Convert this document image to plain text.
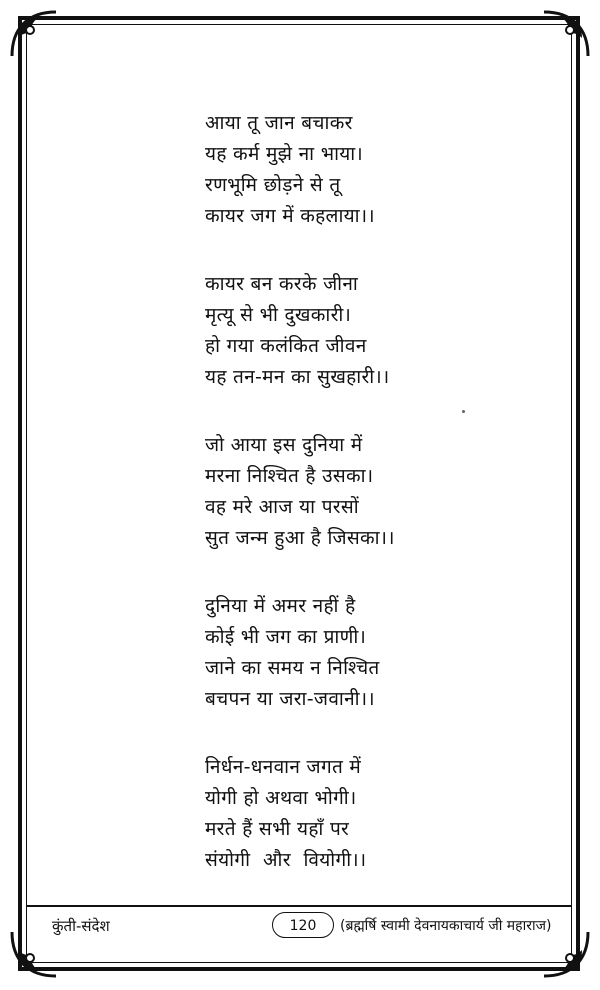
आया तू जान बचाकर
यह कर्म मुझे ना भाया।
रणभूमि छोड़ने से तू
कायर जग में कहलाया।।
कायर बन करके जीना
मृत्यू से भी दुखकारी।
हो गया कलंकित जीवन
यह तन-मन का सुखहारी।।
जो आया इस दुनिया में
मरना निश्चित है उसका।
वह मरे आज या परसों
सुत जन्म हुआ है जिसका।।
दुनिया में अमर नहीं है
कोई भी जग का प्राणी।
जाने का समय न निश्चित
बचपन या जरा-जवानी।।
निर्धन-धनवान जगत में
योगी हो अथवा भोगी।
मरते हैं सभी यहाँ पर
संयोगी  और  वियोगी।।
कुंती-संदेश	120	(ब्रह्मर्षि स्वामी देवनायकाचार्य जी महाराज)
